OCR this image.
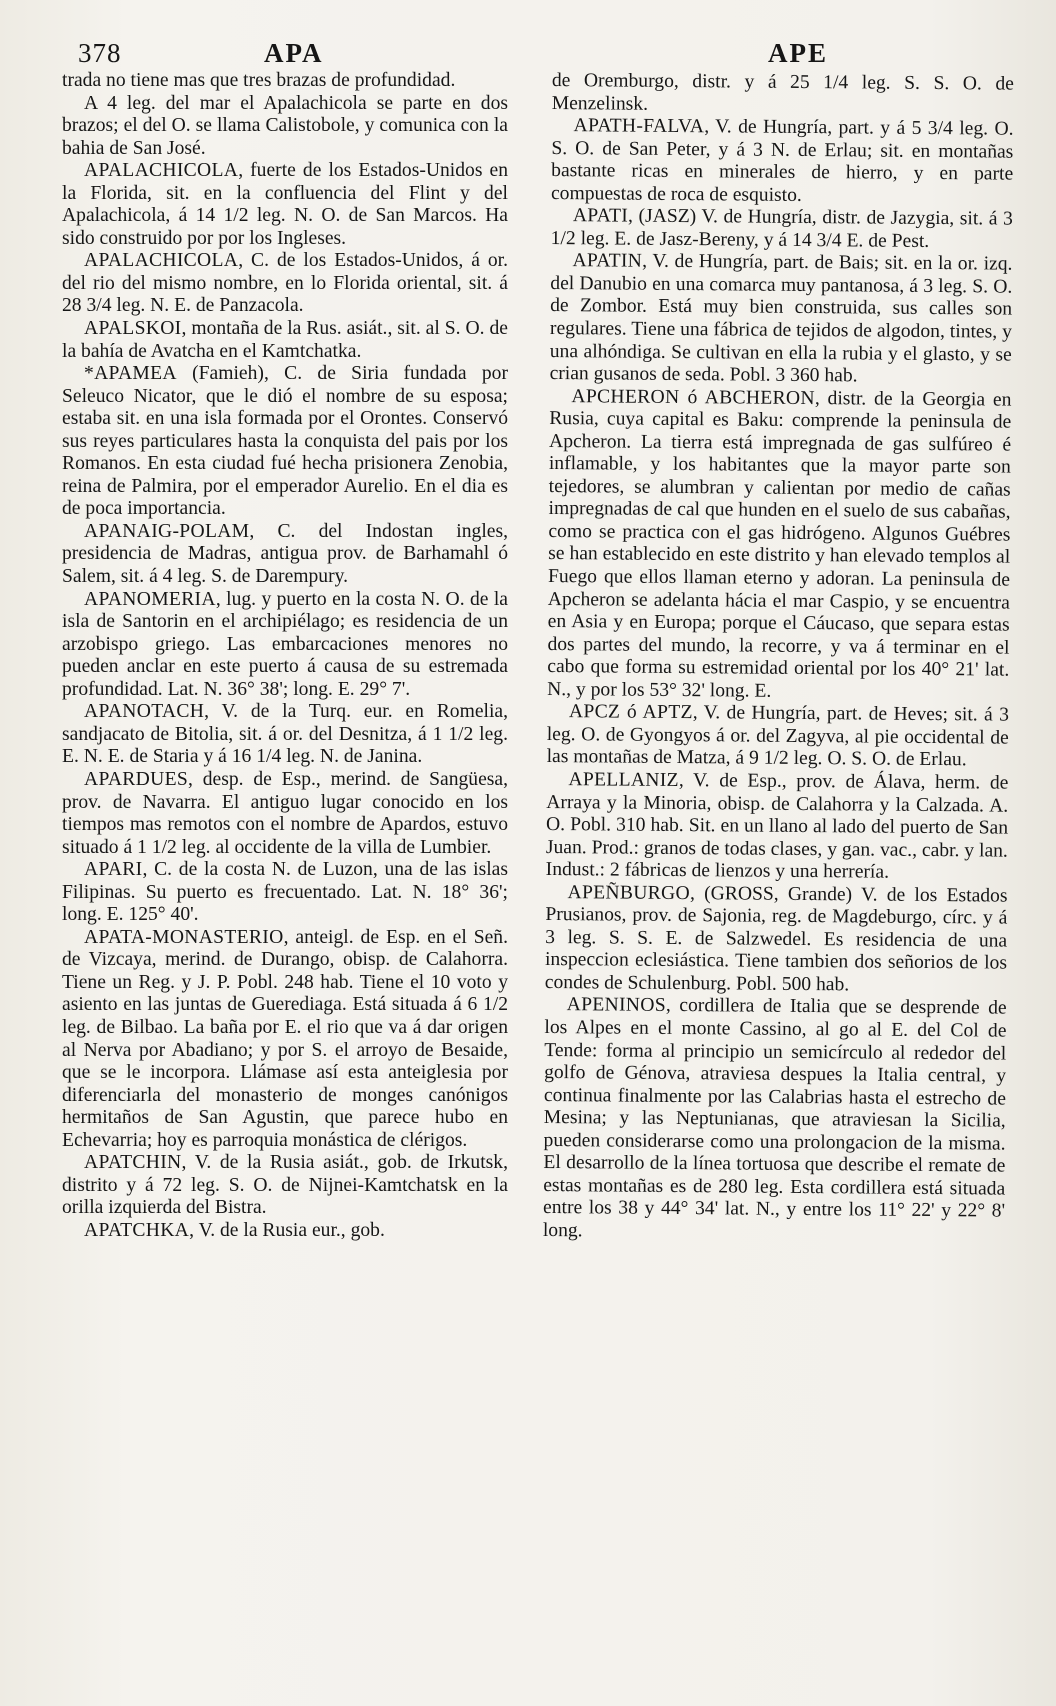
378	APA	APE

trada no tiene mas que tres brazas de profundidad.

A 4 leg. del mar el Apalachicola se parte en dos brazos; el del O. se llama Calistobole, y comunica con la bahia de San José.

APALACHICOLA, fuerte de los Estados-Unidos en la Florida, sit. en la confluencia del Flint y del Apalachicola, á 14 1/2 leg. N. O. de San Marcos. Ha sido construido por por los Ingleses.

APALACHICOLA, C. de los Estados-Unidos, á or. del rio del mismo nombre, en lo Florida oriental, sit. á 28 3/4 leg. N. E. de Panzacola.

APALSKOI, montaña de la Rus. asiát., sit. al S. O. de la bahía de Avatcha en el Kamtchatka.

*APAMEA (Famieh), C. de Siria fundada por Seleuco Nicator, que le dió el nombre de su esposa; estaba sit. en una isla formada por el Orontes. Conservó sus reyes particulares hasta la conquista del pais por los Romanos. En esta ciudad fué hecha prisionera Zenobia, reina de Palmira, por el emperador Aurelio. En el dia es de poca importancia.

APANAIG-POLAM, C. del Indostan ingles, presidencia de Madras, antigua prov. de Barhamahl ó Salem, sit. á 4 leg. S. de Darempury.

APANOMERIA, lug. y puerto en la costa N. O. de la isla de Santorin en el archipiélago; es residencia de un arzobispo griego. Las embarcaciones menores no pueden anclar en este puerto á causa de su estremada profundidad. Lat. N. 36° 38'; long. E. 29° 7'.

APANOTACH, V. de la Turq. eur. en Romelia, sandjacato de Bitolia, sit. á or. del Desnitza, á 1 1/2 leg. E. N. E. de Staria y á 16 1/4 leg. N. de Janina.

APARDUES, desp. de Esp., merind. de Sangüesa, prov. de Navarra. El antiguo lugar conocido en los tiempos mas remotos con el nombre de Apardos, estuvo situado á 1 1/2 leg. al occidente de la villa de Lumbier.

APARI, C. de la costa N. de Luzon, una de las islas Filipinas. Su puerto es frecuentado. Lat. N. 18° 36'; long. E. 125° 40'.

APATA-MONASTERIO, anteigl. de Esp. en el Señ. de Vizcaya, merind. de Durango, obisp. de Calahorra. Tiene un Reg. y J. P. Pobl. 248 hab. Tiene el 10 voto y asiento en las juntas de Guerediaga. Está situada á 6 1/2 leg. de Bilbao. La baña por E. el rio que va á dar origen al Nerva por Abadiano; y por S. el arroyo de Besaide, que se le incorpora. Llámase así esta anteiglesia por diferenciarla del monasterio de monges canónigos hermitaños de San Agustin, que parece hubo en Echevarria; hoy es parroquia monástica de clérigos.

APATCHIN, V. de la Rusia asiát., gob. de Irkutsk, distrito y á 72 leg. S. O. de Nijnei-Kamtchatsk en la orilla izquierda del Bistra.

APATCHKA, V. de la Rusia eur., gob.

de Oremburgo, distr. y á 25 1/4 leg. S. S. O. de Menzelinsk.

APATH-FALVA, V. de Hungría, part. y á 5 3/4 leg. O. S. O. de San Peter, y á 3 N. de Erlau; sit. en montañas bastante ricas en minerales de hierro, y en parte compuestas de roca de esquisto.

APATI, (JASZ) V. de Hungría, distr. de Jazygia, sit. á 3 1/2 leg. E. de Jasz-Bereny, y á 14 3/4 E. de Pest.

APATIN, V. de Hungría, part. de Bais; sit. en la or. izq. del Danubio en una comarca muy pantanosa, á 3 leg. S. O. de Zombor. Está muy bien construida, sus calles son regulares. Tiene una fábrica de tejidos de algodon, tintes, y una alhóndiga. Se cultivan en ella la rubia y el glasto, y se crian gusanos de seda. Pobl. 3 360 hab.

APCHERON ó ABCHERON, distr. de la Georgia en Rusia, cuya capital es Baku: comprende la peninsula de Apcheron. La tierra está impregnada de gas sulfúreo é inflamable, y los habitantes que la mayor parte son tejedores, se alumbran y calientan por medio de cañas impregnadas de cal que hunden en el suelo de sus cabañas, como se practica con el gas hidrógeno. Algunos Guébres se han establecido en este distrito y han elevado templos al Fuego que ellos llaman eterno y adoran. La peninsula de Apcheron se adelanta hácia el mar Caspio, y se encuentra en Asia y en Europa; porque el Cáucaso, que separa estas dos partes del mundo, la recorre, y va á terminar en el cabo que forma su estremidad oriental por los 40° 21' lat. N., y por los 53° 32' long. E.

APCZ ó APTZ, V. de Hungría, part. de Heves; sit. á 3 leg. O. de Gyongyos á or. del Zagyva, al pie occidental de las montañas de Matza, á 9 1/2 leg. O. S. O. de Erlau.

APELLANIZ, V. de Esp., prov. de Álava, herm. de Arraya y la Minoria, obisp. de Calahorra y la Calzada. A. O. Pobl. 310 hab. Sit. en un llano al lado del puerto de San Juan. Prod.: granos de todas clases, y gan. vac., cabr. y lan. Indust.: 2 fábricas de lienzos y una herrería.

APEÑBURGO, (GROSS, Grande) V. de los Estados Prusianos, prov. de Sajonia, reg. de Magdeburgo, círc. y á 3 leg. S. S. E. de Salzwedel. Es residencia de una inspeccion eclesiástica. Tiene tambien dos señorios de los condes de Schulenburg. Pobl. 500 hab.

APENINOS, cordillera de Italia que se desprende de los Alpes en el monte Cassino, al go al E. del Col de Tende: forma al principio un semicírculo al rededor del golfo de Génova, atraviesa despues la Italia central, y continua finalmente por las Calabrias hasta el estrecho de Mesina; y las Neptunianas, que atraviesan la Sicilia, pueden considerarse como una prolongacion de la misma. El desarrollo de la línea tortuosa que describe el remate de estas montañas es de 280 leg. Esta cordillera está situada entre los 38 y 44° 34' lat. N., y entre los 11° 22' y 22° 8' long.
